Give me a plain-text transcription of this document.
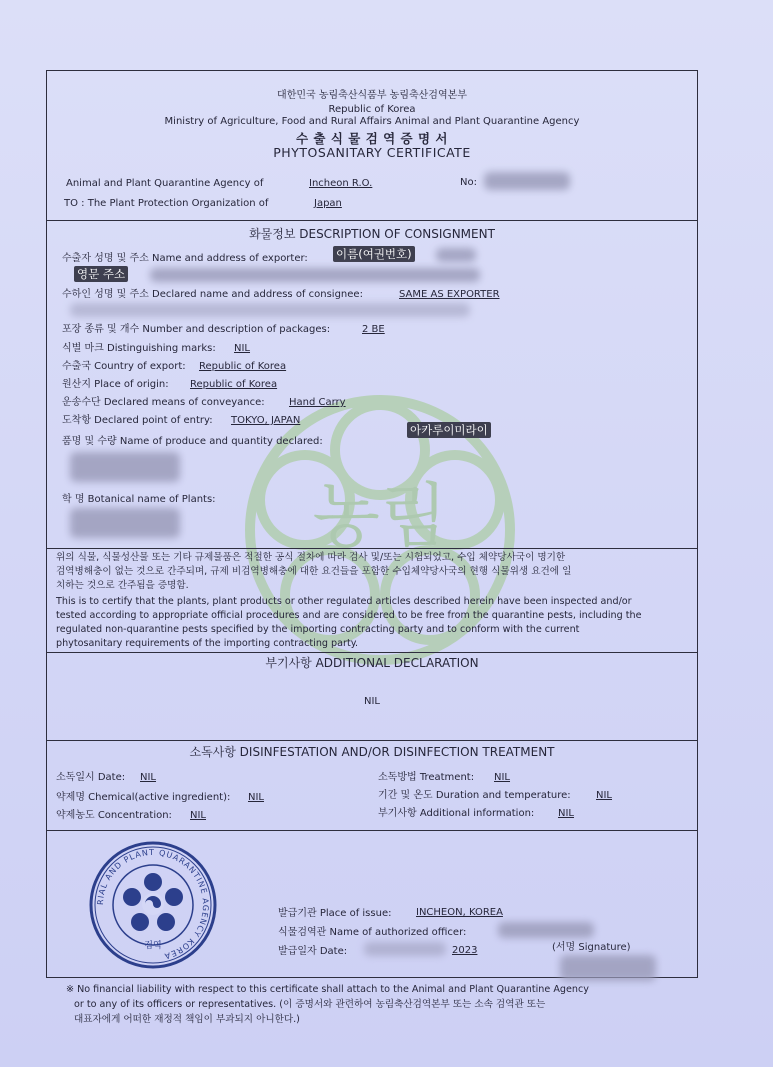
농림
대한민국 농림축산식품부 농림축산검역본부
Republic of Korea
Ministry of Agriculture, Food and Rural Affairs Animal and Plant Quarantine Agency
수 출 식 물 검 역 증 명 서
PHYTOSANITARY CERTIFICATE
Animal and Plant Quarantine Agency of	Incheon R.O.	No:
TO : The Plant Protection Organization of	Japan
화물정보 DESCRIPTION OF CONSIGNMENT
수출자 성명 및 주소 Name and address of exporter: 이름(여권번호)
영문 주소
수하인 성명 및 주소 Declared name and address of consignee:	SAME AS EXPORTER
포장 종류 및 개수 Number and description of packages:	2 BE
식별 마크 Distinguishing marks: NIL
수출국 Country of export: Republic of Korea
원산지 Place of origin: Republic of Korea
운송수단 Declared means of conveyance: Hand Carry
도착항 Declared point of entry: TOKYO, JAPAN
아카루이미라이
품명 및 수량 Name of produce and quantity declared:
학 명 Botanical name of Plants:
위의 식물, 식물성산물 또는 기타 규제물품은 적절한 공식 절차에 따라 검사 및/또는 시험되었고, 수입 체약당사국이 명기한
검역병해충이 없는 것으로 간주되며, 규제 비검역병해충에 대한 요건들을 포함한 수입체약당사국의 현행 식물위생 요건에 일
치하는 것으로 간주됨을 증명함.
This is to certify that the plants, plant products or other regulated articles described herein have been inspected and/or
tested according to appropriate official procedures and are considered to be free from the quarantine pests, including the
regulated non-quarantine pests specified by the importing contracting party and to conform with the current
phytosanitary requirements of the importing contracting party.
부기사항 ADDITIONAL DECLARATION
NIL
소독사항 DISINFESTATION AND/OR DISINFECTION TREATMENT
소독일시 Date: NIL	소독방법 Treatment: NIL
약제명 Chemical(active ingredient): NIL	기간 및 온도 Duration and temperature:	NIL
약제농도 Concentration: NIL	부기사항 Additional information: NIL
RIAL AND PLANT QUARANTINE AGENCY KOREA
검역
발급기관 Place of issue: INCHEON, KOREA
식물검역관 Name of authorized officer:
발급일자 Date:	2023	(서명 Signature)
※ No financial liability with respect to this certificate shall attach to the Animal and Plant Quarantine Agency
or to any of its officers or representatives. (이 증명서와 관련하여 농림축산검역본부 또는 소속 검역관 또는
대표자에게 어떠한 재정적 책임이 부과되지 아니한다.)
